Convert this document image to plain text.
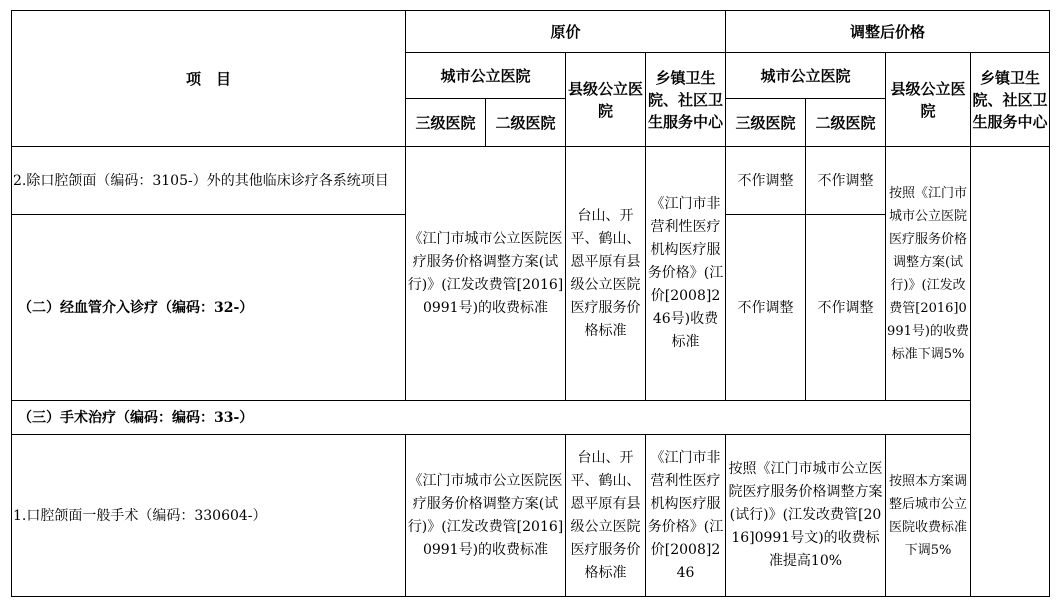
项　目	原价				调整后价格			
	城市公立医院		县级公立医院	乡镇卫生院、社区卫生服务中心	城市公立医院		县级公立医院	乡镇卫生院、社区卫生服务中心
	三级医院	二级医院			三级医院	二级医院		
2.除口腔颌面（编码：3105-）外的其他临床诊疗各系统项目	《江门市城市公立医院医疗服务价格调整方案(试行)》(江发改费管[2016]0991号)的收费标准		台山、开平、鹤山、恩平原有县级公立医院医疗服务价格标准	《江门市非营利性医疗机构医疗服务价格》(江价[2008]246号)收费标准	不作调整	不作调整	按照《江门市城市公立医院医疗服务价格调整方案(试行)》(江发改费管[2016]0991号)的收费标准下调5%	
（二）经血管介入诊疗（编码：32-）					不作调整	不作调整		
（三）手术治疗（编码：编码：33-）								
1.口腔颌面一般手术（编码：330604-）	《江门市城市公立医院医疗服务价格调整方案(试行)》(江发改费管[2016]0991号)的收费标准		台山、开平、鹤山、恩平原有县级公立医院医疗服务价格标准	《江门市非营利性医疗机构医疗服务价格》(江价[2008]246	按照《江门市城市公立医院医疗服务价格调整方案(试行)》(江发改费管[2016]0991号文)的收费标准提高10%		按照本方案调整后城市公立医院收费标准下调5%	
